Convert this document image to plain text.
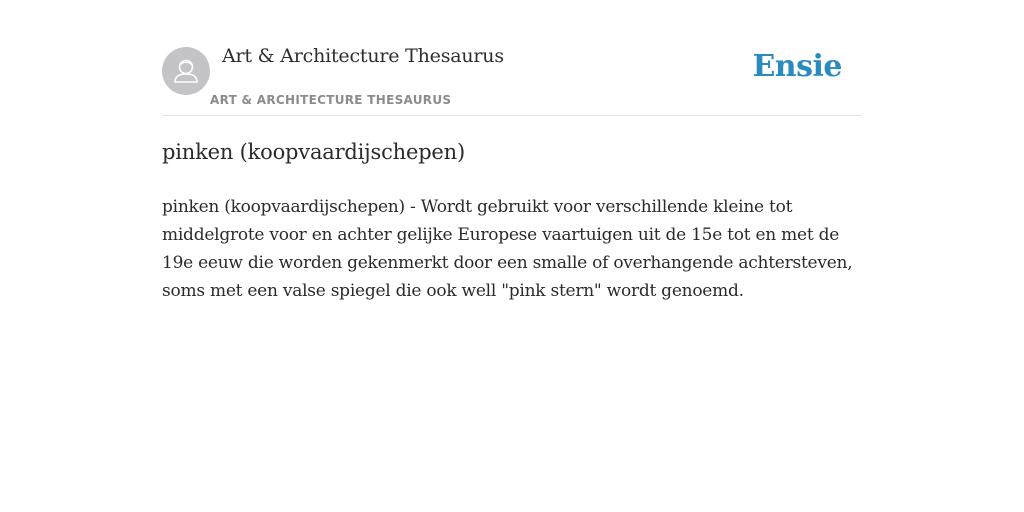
Art & Architecture Thesaurus
ART & ARCHITECTURE THESAURUS
Ensie
pinken (koopvaardijschepen)

pinken (koopvaardijschepen) - Wordt gebruikt voor verschillende kleine tot middelgrote voor en achter gelijke Europese vaartuigen uit de 15e tot en met de 19e eeuw die worden gekenmerkt door een smalle of overhangende achtersteven, soms met een valse spiegel die ook well "pink stern" wordt genoemd.
